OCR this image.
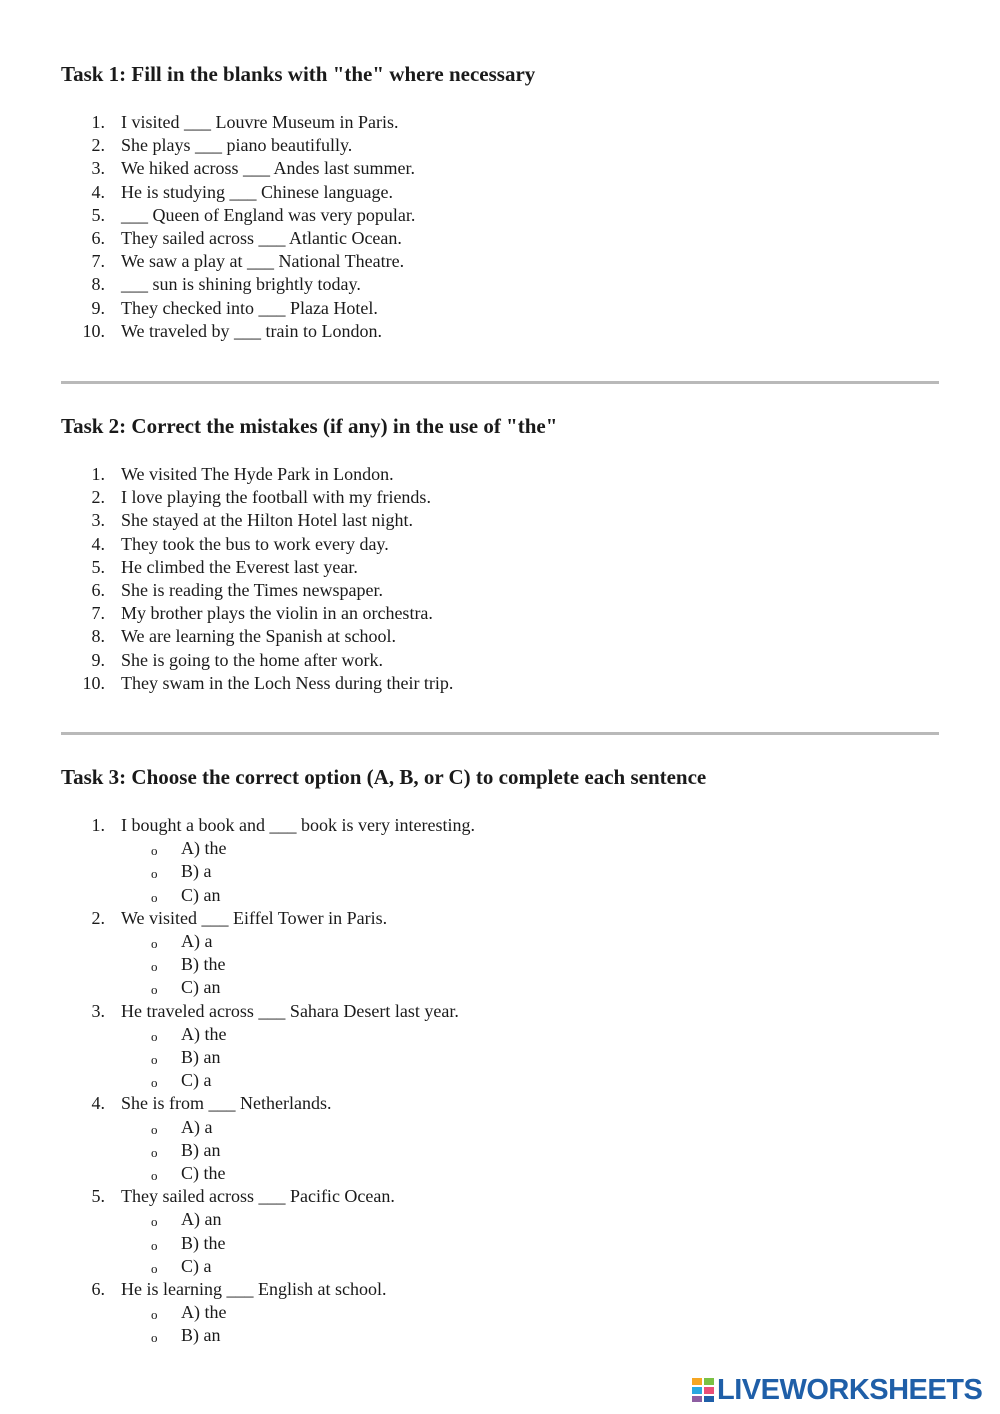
Task 1: Fill in the blanks with "the" where necessary
1. I visited ___ Louvre Museum in Paris.
2. She plays ___ piano beautifully.
3. We hiked across ___ Andes last summer.
4. He is studying ___ Chinese language.
5. ___ Queen of England was very popular.
6. They sailed across ___ Atlantic Ocean.
7. We saw a play at ___ National Theatre.
8. ___ sun is shining brightly today.
9. They checked into ___ Plaza Hotel.
10. We traveled by ___ train to London.
Task 2: Correct the mistakes (if any) in the use of "the"
1. We visited The Hyde Park in London.
2. I love playing the football with my friends.
3. She stayed at the Hilton Hotel last night.
4. They took the bus to work every day.
5. He climbed the Everest last year.
6. She is reading the Times newspaper.
7. My brother plays the violin in an orchestra.
8. We are learning the Spanish at school.
9. She is going to the home after work.
10. They swam in the Loch Ness during their trip.
Task 3: Choose the correct option (A, B, or C) to complete each sentence
1. I bought a book and ___ book is very interesting.
o A) the
o B) a
o C) an
2. We visited ___ Eiffel Tower in Paris.
o A) a
o B) the
o C) an
3. He traveled across ___ Sahara Desert last year.
o A) the
o B) an
o C) a
4. She is from ___ Netherlands.
o A) a
o B) an
o C) the
5. They sailed across ___ Pacific Ocean.
o A) an
o B) the
o C) a
6. He is learning ___ English at school.
o A) the
o B) an
LIVEWORKSHEETS
